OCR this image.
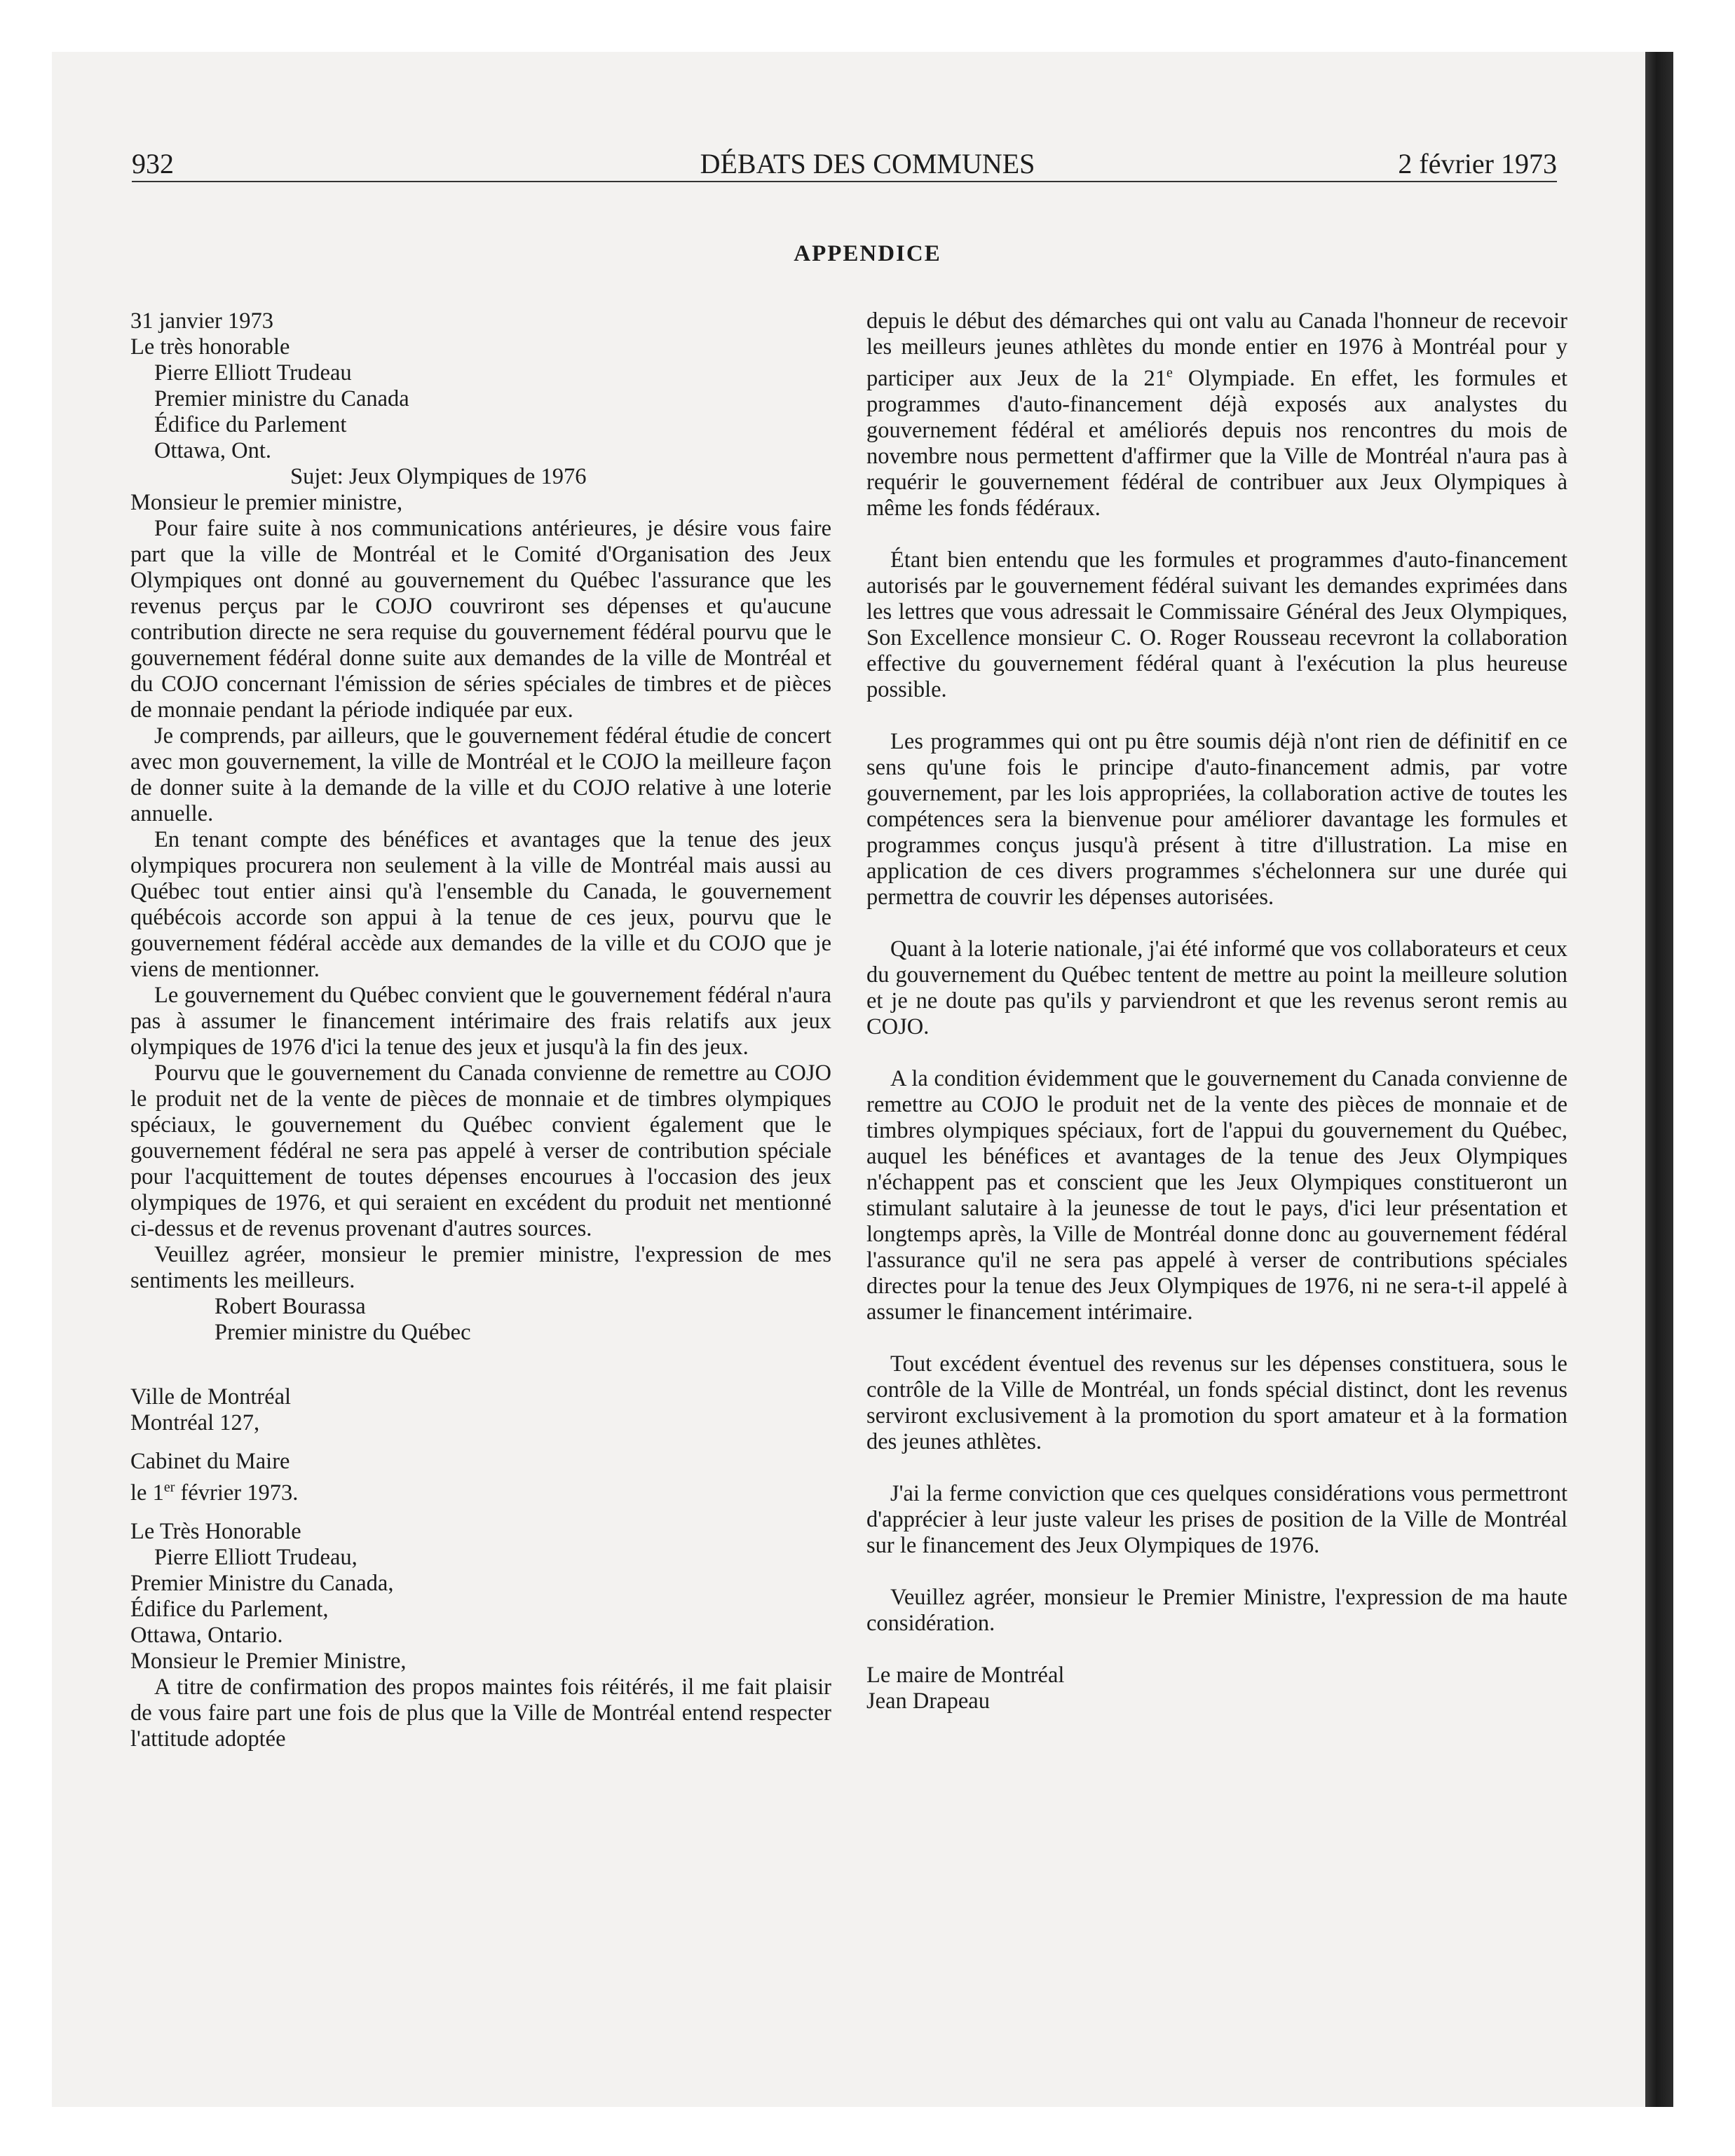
932	DÉBATS DES COMMUNES	2 février 1973
APPENDICE

31 janvier 1973

Le très honorable

Pierre Elliott Trudeau

Premier ministre du Canada

Édifice du Parlement

Ottawa, Ont.

Sujet: Jeux Olympiques de 1976

Monsieur le premier ministre,

Pour faire suite à nos communications antérieures, je désire vous faire part que la ville de Montréal et le Comité d'Organisation des Jeux Olympiques ont donné au gouvernement du Québec l'assurance que les revenus perçus par le COJO couvriront ses dépenses et qu'aucune contribution directe ne sera requise du gouvernement fédéral pourvu que le gouvernement fédéral donne suite aux demandes de la ville de Montréal et du COJO concernant l'émission de séries spéciales de timbres et de pièces de monnaie pendant la période indiquée par eux.

Je comprends, par ailleurs, que le gouvernement fédéral étudie de concert avec mon gouvernement, la ville de Montréal et le COJO la meilleure façon de donner suite à la demande de la ville et du COJO relative à une loterie annuelle.

En tenant compte des bénéfices et avantages que la tenue des jeux olympiques procurera non seulement à la ville de Montréal mais aussi au Québec tout entier ainsi qu'à l'ensemble du Canada, le gouvernement québécois accorde son appui à la tenue de ces jeux, pourvu que le gouvernement fédéral accède aux demandes de la ville et du COJO que je viens de mentionner.

Le gouvernement du Québec convient que le gouvernement fédéral n'aura pas à assumer le financement intérimaire des frais relatifs aux jeux olympiques de 1976 d'ici la tenue des jeux et jusqu'à la fin des jeux.

Pourvu que le gouvernement du Canada convienne de remettre au COJO le produit net de la vente de pièces de monnaie et de timbres olympiques spéciaux, le gouvernement du Québec convient également que le gouvernement fédéral ne sera pas appelé à verser de contribution spéciale pour l'acquittement de toutes dépenses encourues à l'occasion des jeux olympiques de 1976, et qui seraient en excédent du produit net mentionné ci-dessus et de revenus provenant d'autres sources.

Veuillez agréer, monsieur le premier ministre, l'expression de mes sentiments les meilleurs.

Robert Bourassa

Premier ministre du Québec

Ville de Montréal

Montréal 127,

Cabinet du Maire

le 1er février 1973.

Le Très Honorable

Pierre Elliott Trudeau,

Premier Ministre du Canada,

Édifice du Parlement,

Ottawa, Ontario.

Monsieur le Premier Ministre,

A titre de confirmation des propos maintes fois réitérés, il me fait plaisir de vous faire part une fois de plus que la Ville de Montréal entend respecter l'attitude adoptée

depuis le début des démarches qui ont valu au Canada l'honneur de recevoir les meilleurs jeunes athlètes du monde entier en 1976 à Montréal pour y participer aux Jeux de la 21e Olympiade. En effet, les formules et programmes d'auto-financement déjà exposés aux analystes du gouvernement fédéral et améliorés depuis nos rencontres du mois de novembre nous permettent d'affirmer que la Ville de Montréal n'aura pas à requérir le gouvernement fédéral de contribuer aux Jeux Olympiques à même les fonds fédéraux.

Étant bien entendu que les formules et programmes d'auto-financement autorisés par le gouvernement fédéral suivant les demandes exprimées dans les lettres que vous adressait le Commissaire Général des Jeux Olympiques, Son Excellence monsieur C. O. Roger Rousseau recevront la collaboration effective du gouvernement fédéral quant à l'exécution la plus heureuse possible.

Les programmes qui ont pu être soumis déjà n'ont rien de définitif en ce sens qu'une fois le principe d'auto-financement admis, par votre gouvernement, par les lois appropriées, la collaboration active de toutes les compétences sera la bienvenue pour améliorer davantage les formules et programmes conçus jusqu'à présent à titre d'illustration. La mise en application de ces divers programmes s'échelonnera sur une durée qui permettra de couvrir les dépenses autorisées.

Quant à la loterie nationale, j'ai été informé que vos collaborateurs et ceux du gouvernement du Québec tentent de mettre au point la meilleure solution et je ne doute pas qu'ils y parviendront et que les revenus seront remis au COJO.

A la condition évidemment que le gouvernement du Canada convienne de remettre au COJO le produit net de la vente des pièces de monnaie et de timbres olympiques spéciaux, fort de l'appui du gouvernement du Québec, auquel les bénéfices et avantages de la tenue des Jeux Olympiques n'échappent pas et conscient que les Jeux Olympiques constitueront un stimulant salutaire à la jeunesse de tout le pays, d'ici leur présentation et longtemps après, la Ville de Montréal donne donc au gouvernement fédéral l'assurance qu'il ne sera pas appelé à verser de contributions spéciales directes pour la tenue des Jeux Olympiques de 1976, ni ne sera-t-il appelé à assumer le financement intérimaire.

Tout excédent éventuel des revenus sur les dépenses constituera, sous le contrôle de la Ville de Montréal, un fonds spécial distinct, dont les revenus serviront exclusivement à la promotion du sport amateur et à la formation des jeunes athlètes.

J'ai la ferme conviction que ces quelques considérations vous permettront d'apprécier à leur juste valeur les prises de position de la Ville de Montréal sur le financement des Jeux Olympiques de 1976.

Veuillez agréer, monsieur le Premier Ministre, l'expression de ma haute considération.

Le maire de Montréal

Jean Drapeau
